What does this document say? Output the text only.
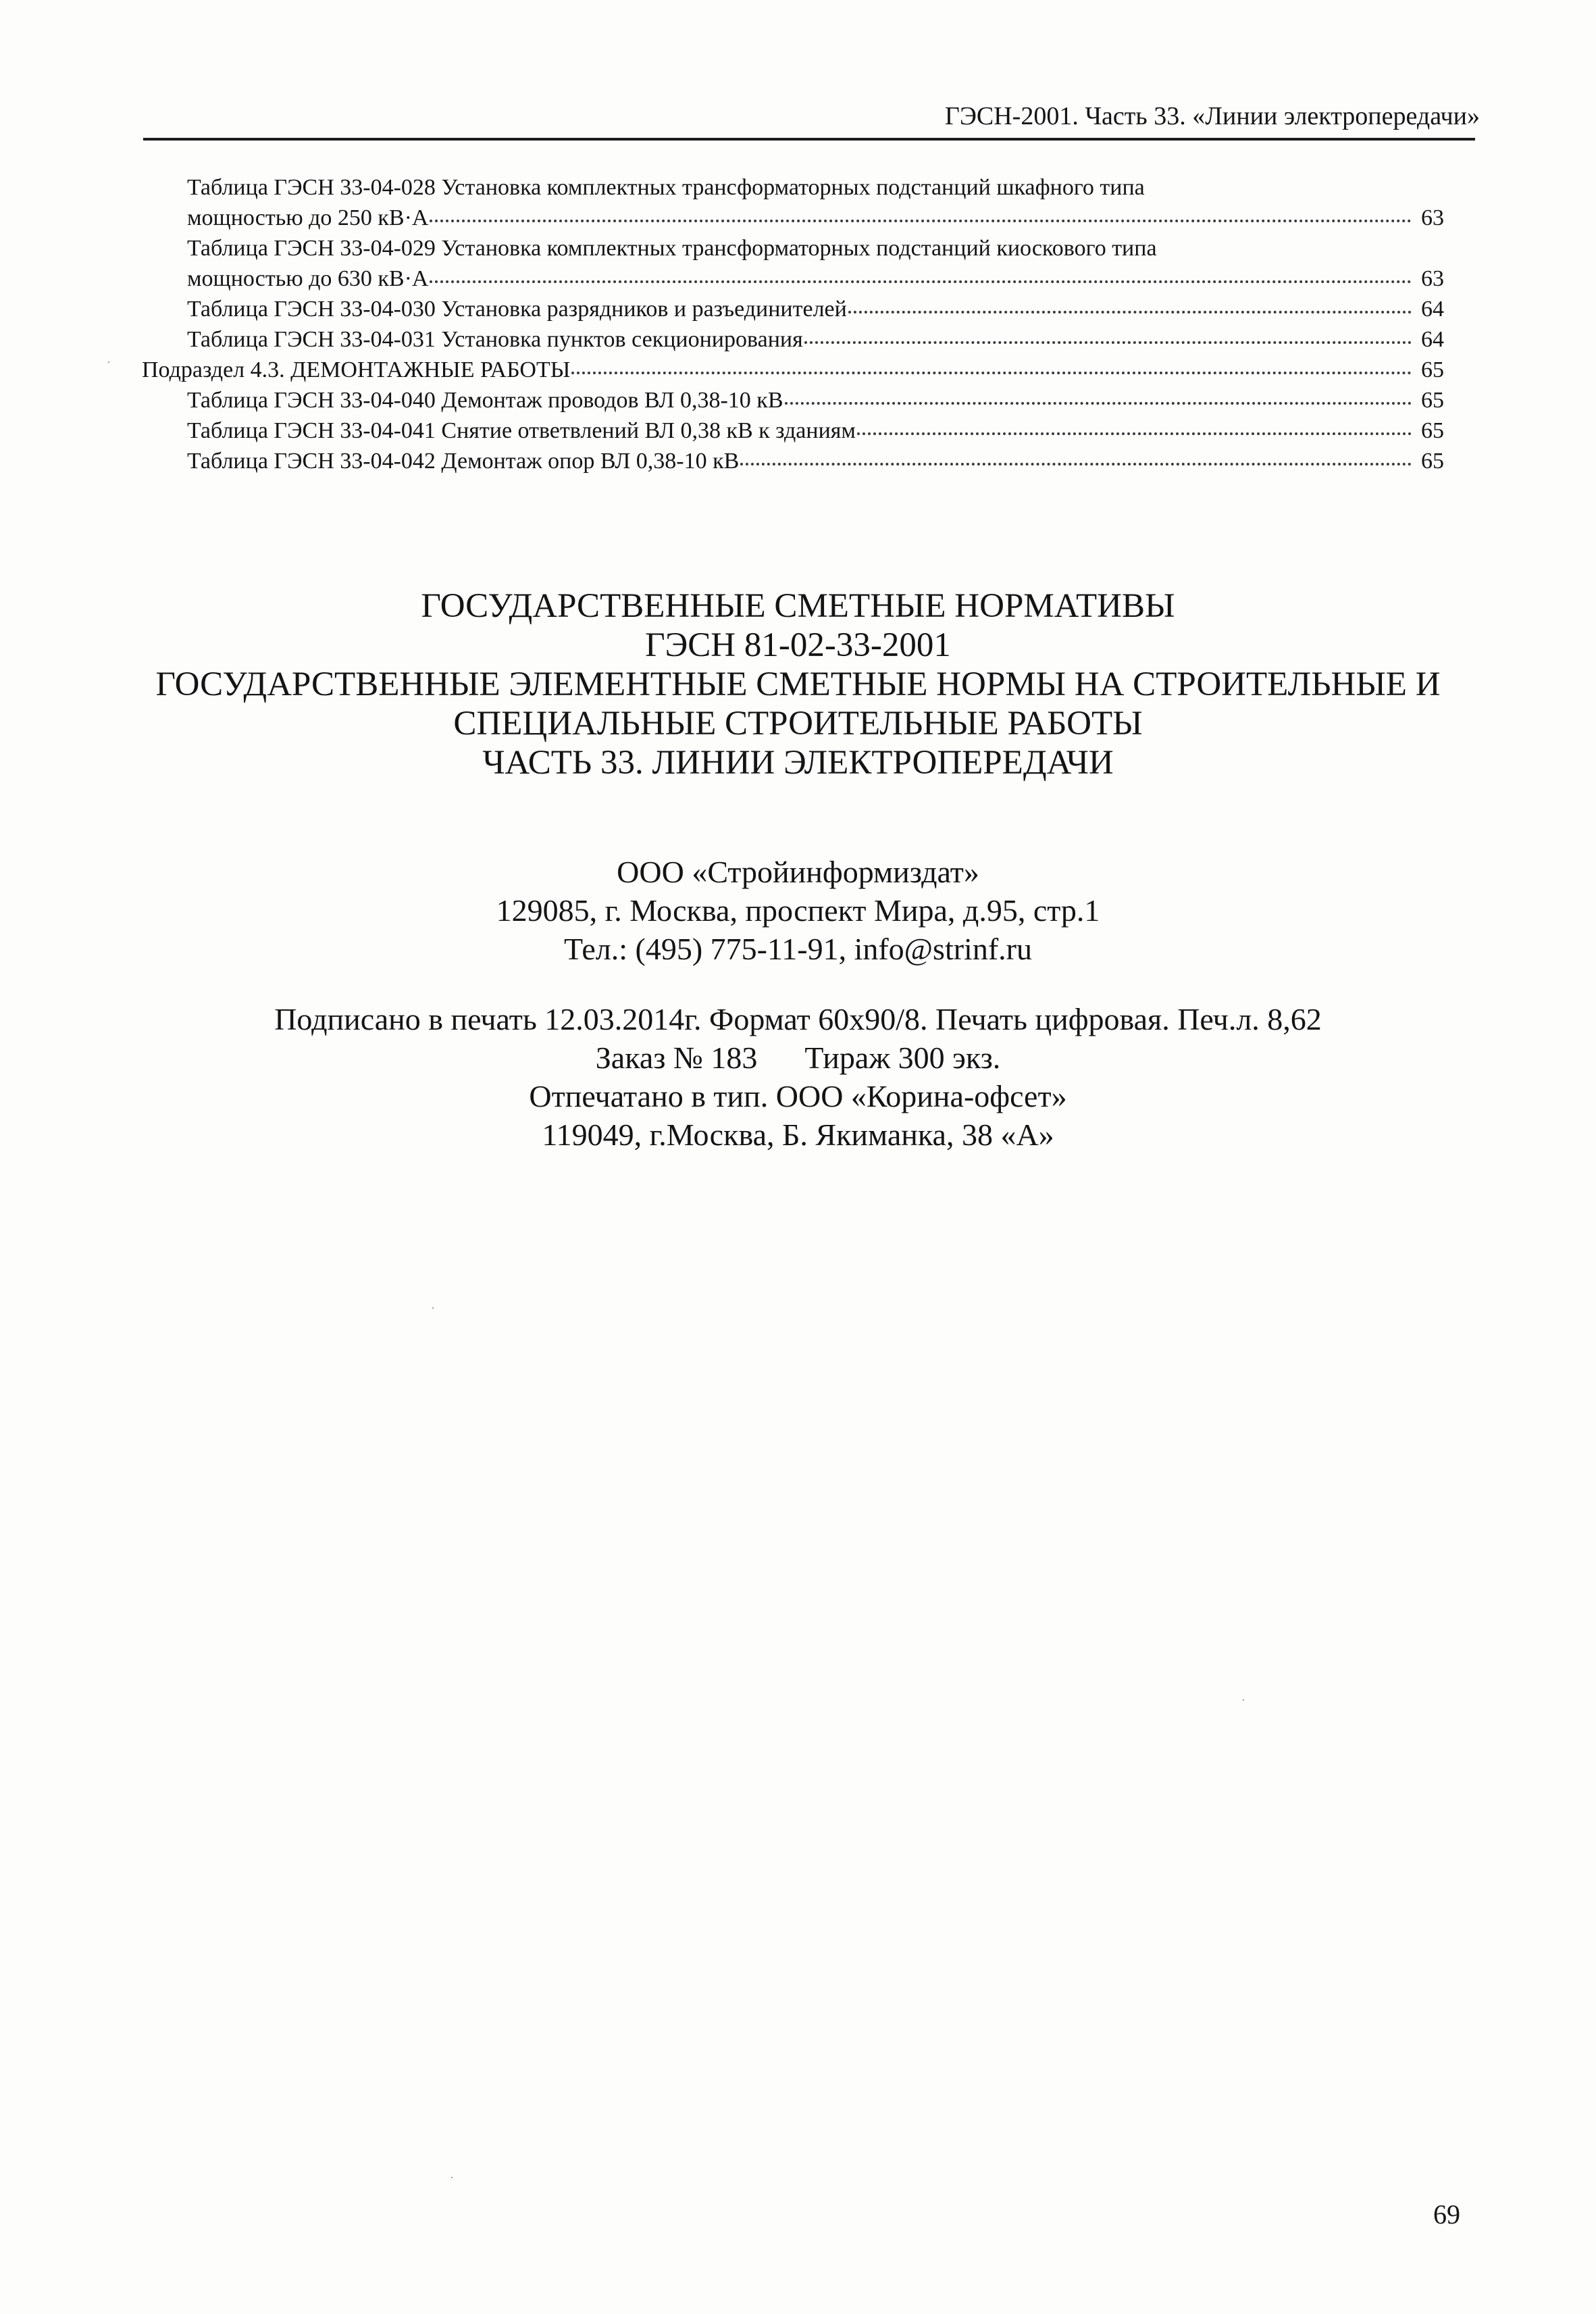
ГЭСН-2001. Часть 33. «Линии электропередачи»
Таблица ГЭСН 33-04-028 Установка комплектных трансформаторных подстанций шкафного типа
мощностью до 250 кВ·А	63
Таблица ГЭСН 33-04-029 Установка комплектных трансформаторных подстанций киоскового типа
мощностью до 630 кВ·А	63
Таблица ГЭСН 33-04-030 Установка разрядников и разъединителей	64
Таблица ГЭСН 33-04-031 Установка пунктов секционирования	64
Подраздел 4.3. ДЕМОНТАЖНЫЕ РАБОТЫ	65
Таблица ГЭСН 33-04-040 Демонтаж проводов ВЛ 0,38-10 кВ	65
Таблица ГЭСН 33-04-041 Снятие ответвлений ВЛ 0,38 кВ к зданиям	65
Таблица ГЭСН 33-04-042 Демонтаж опор ВЛ 0,38-10 кВ	65
ГОСУДАРСТВЕННЫЕ СМЕТНЫЕ НОРМАТИВЫ
ГЭСН 81-02-33-2001
ГОСУДАРСТВЕННЫЕ ЭЛЕМЕНТНЫЕ СМЕТНЫЕ НОРМЫ НА СТРОИТЕЛЬНЫЕ И
СПЕЦИАЛЬНЫЕ СТРОИТЕЛЬНЫЕ РАБОТЫ
ЧАСТЬ 33. ЛИНИИ ЭЛЕКТРОПЕРЕДАЧИ
ООО «Стройинформиздат»
129085, г. Москва, проспект Мира, д.95, стр.1
Тел.: (495) 775-11-91, info@strinf.ru
Подписано в печать 12.03.2014г. Формат 60х90/8. Печать цифровая. Печ.л. 8,62
Заказ № 183 Тираж 300 экз.
Отпечатано в тип. ООО «Корина-офсет»
119049, г.Москва, Б. Якиманка, 38 «А»
69
